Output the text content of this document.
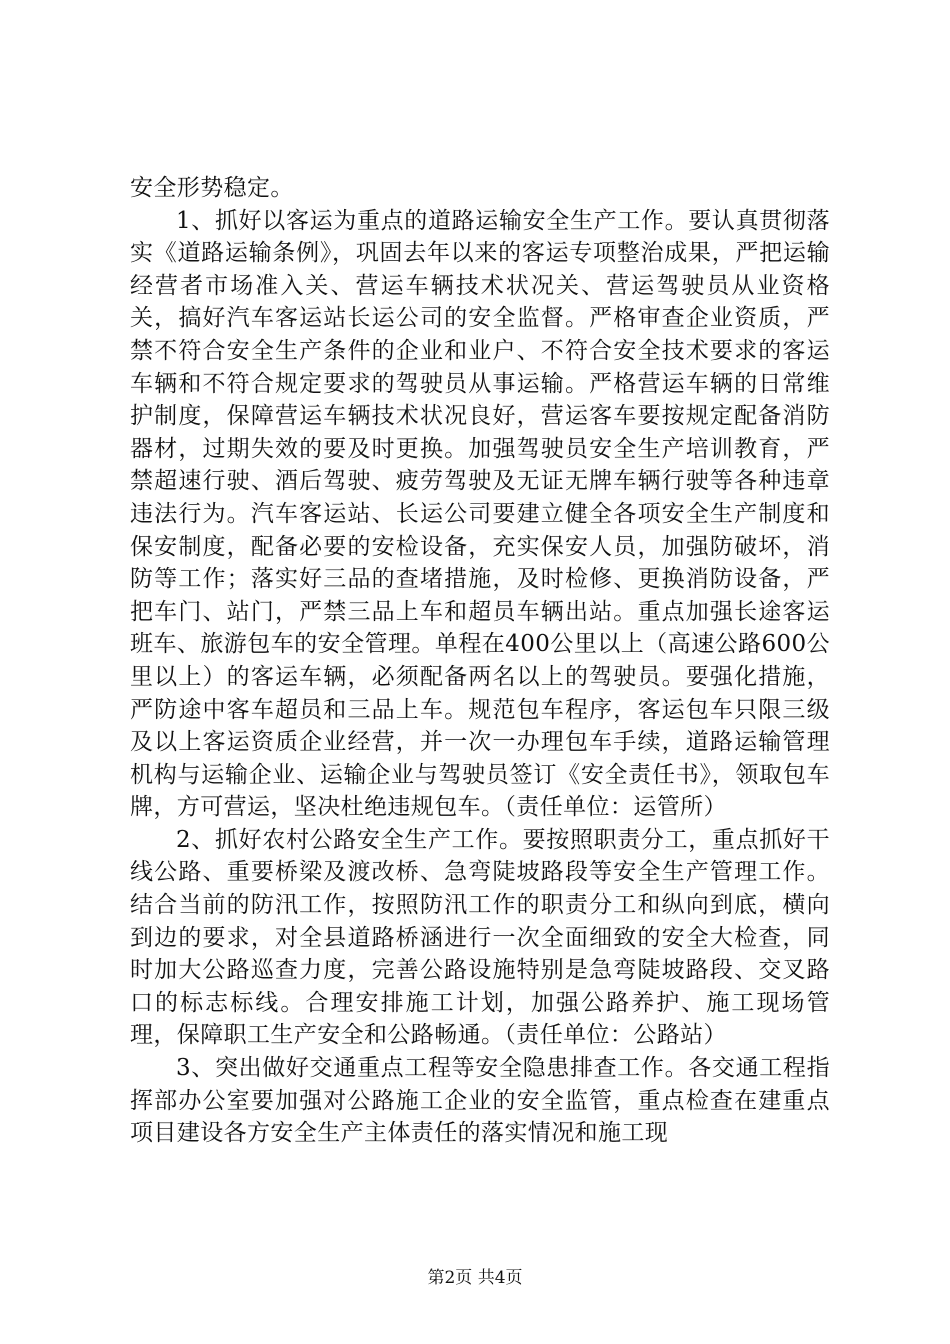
安全形势稳定。

1、抓好以客运为重点的道路运输安全生产工作。要认真贯彻落实《道路运输条例》，巩固去年以来的客运专项整治成果，严把运输经营者市场准入关、营运车辆技术状况关、营运驾驶员从业资格关，搞好汽车客运站长运公司的安全监督。严格审查企业资质，严禁不符合安全生产条件的企业和业户、不符合安全技术要求的客运车辆和不符合规定要求的驾驶员从事运输。严格营运车辆的日常维护制度，保障营运车辆技术状况良好，营运客车要按规定配备消防器材，过期失效的要及时更换。加强驾驶员安全生产培训教育，严禁超速行驶、酒后驾驶、疲劳驾驶及无证无牌车辆行驶等各种违章违法行为。汽车客运站、长运公司要建立健全各项安全生产制度和保安制度，配备必要的安检设备，充实保安人员，加强防破坏，消防等工作；落实好三品的查堵措施，及时检修、更换消防设备，严把车门、站门，严禁三品上车和超员车辆出站。重点加强长途客运班车、旅游包车的安全管理。单程在400公里以上（高速公路600公里以上）的客运车辆，必须配备两名以上的驾驶员。要强化措施，严防途中客车超员和三品上车。规范包车程序，客运包车只限三级及以上客运资质企业经营，并一次一办理包车手续，道路运输管理机构与运输企业、运输企业与驾驶员签订《安全责任书》，领取包车牌，方可营运，坚决杜绝违规包车。（责任单位：运管所）

2、抓好农村公路安全生产工作。要按照职责分工，重点抓好干线公路、重要桥梁及渡改桥、急弯陡坡路段等安全生产管理工作。结合当前的防汛工作，按照防汛工作的职责分工和纵向到底，横向到边的要求，对全县道路桥涵进行一次全面细致的安全大检查，同时加大公路巡查力度，完善公路设施特别是急弯陡坡路段、交叉路口的标志标线。合理安排施工计划，加强公路养护、施工现场管理，保障职工生产安全和公路畅通。（责任单位：公路站）

3、突出做好交通重点工程等安全隐患排查工作。各交通工程指挥部办公室要加强对公路施工企业的安全监管，重点检查在建重点项目建设各方安全生产主体责任的落实情况和施工现

第2页 共4页
